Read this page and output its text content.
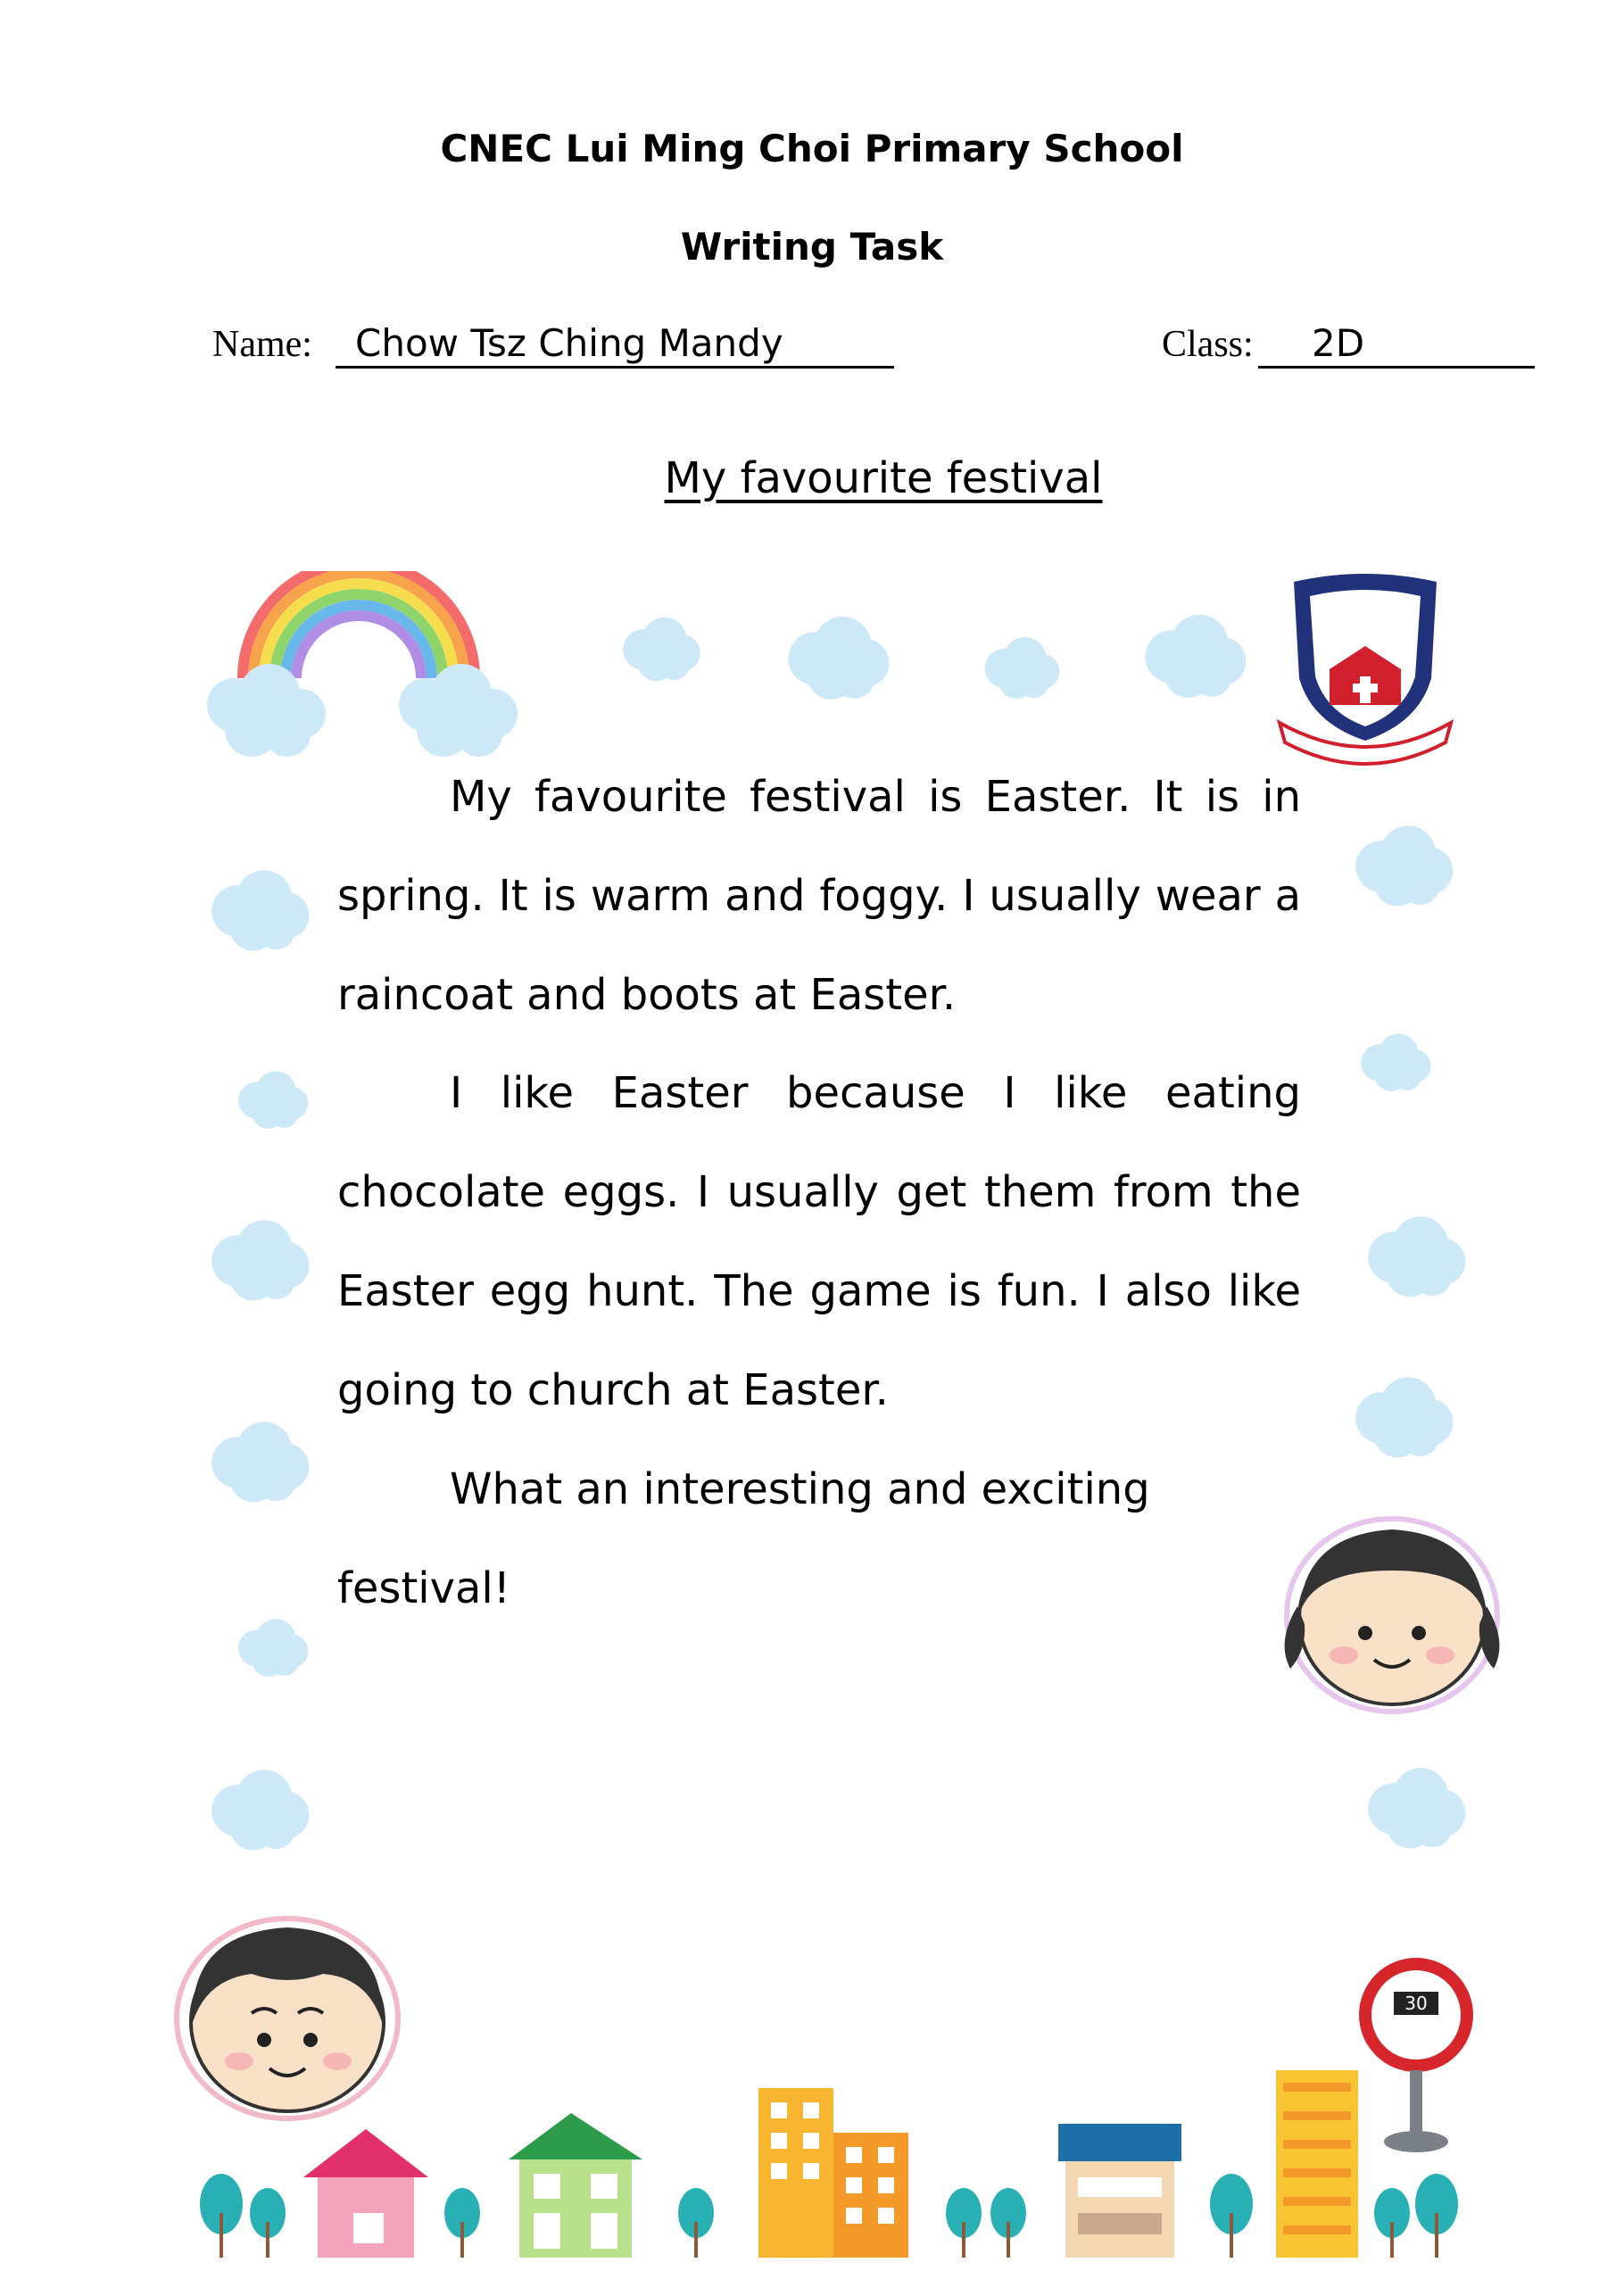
CNEC Lui Ming Choi Primary School
Writing Task
Name:	Chow Tsz Ching Mandy	Class:	2D
My favourite festival
My favourite festival is Easter. It is in spring. It is warm and foggy. I usually wear a raincoat and boots at Easter.
I like Easter because I like eating chocolate eggs. I usually get them from the Easter egg hunt. The game is fun. I also like going to church at Easter.
What an interesting and exciting festival!
30
